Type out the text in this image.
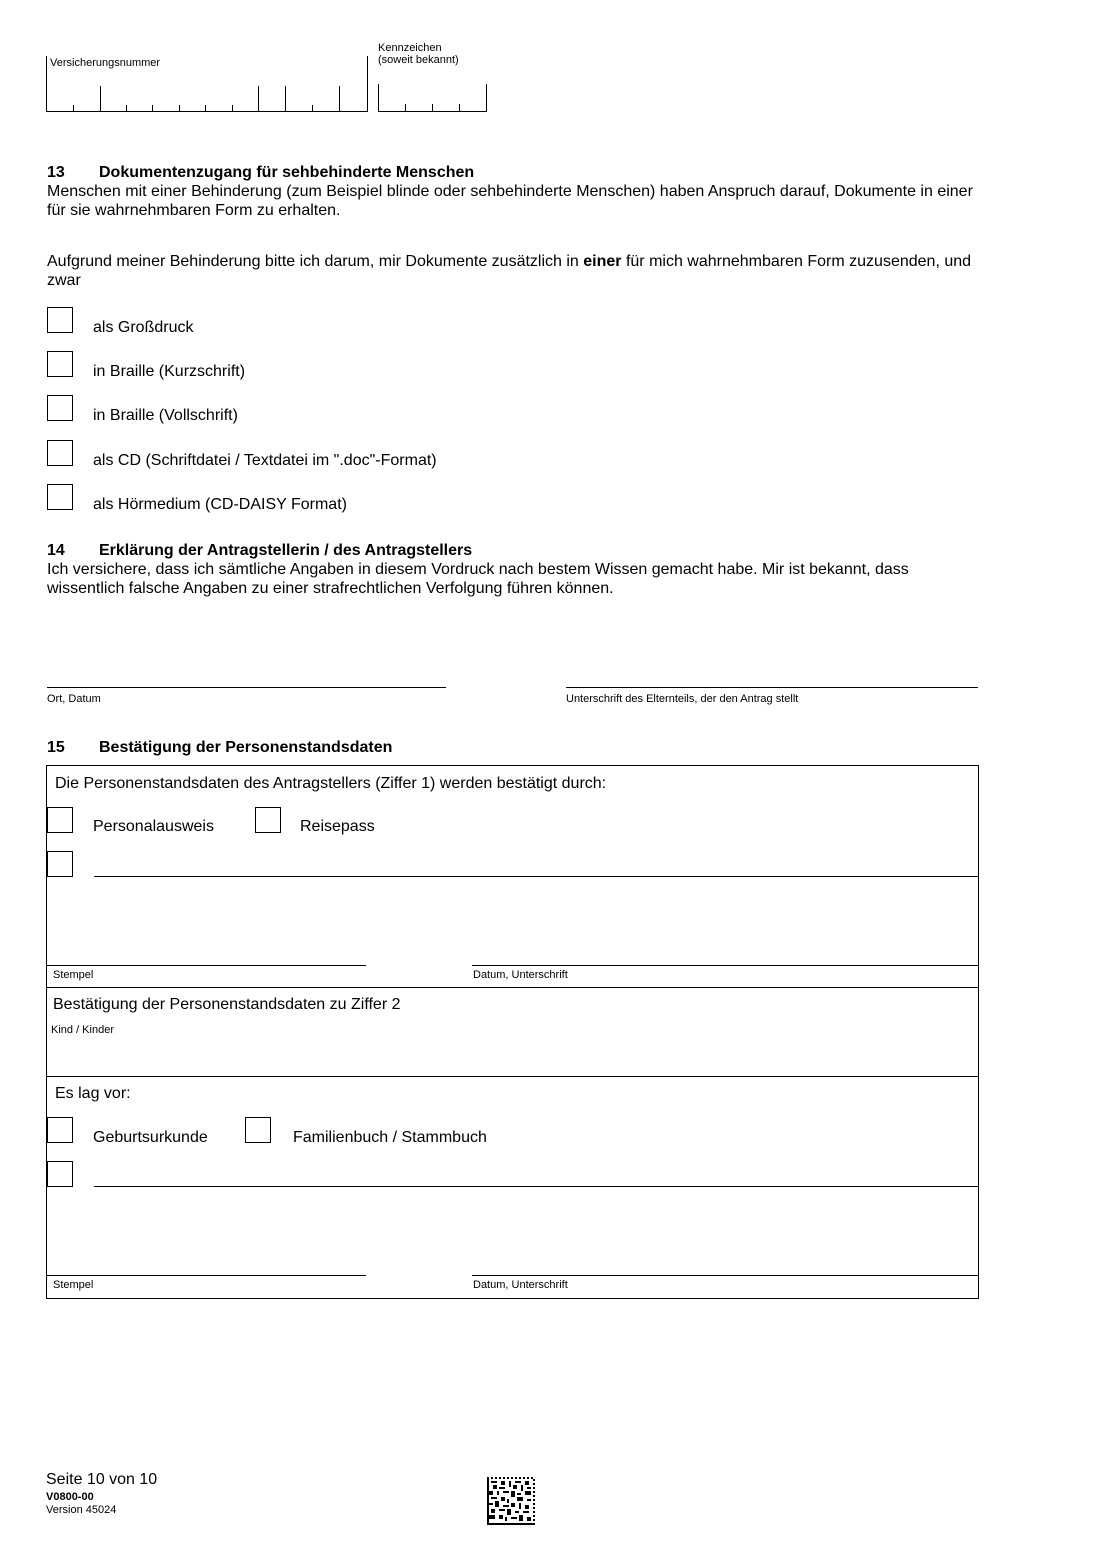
Versicherungsnummer
Kennzeichen
(soweit bekannt)
13 Dokumentenzugang für sehbehinderte Menschen
Menschen mit einer Behinderung (zum Beispiel blinde oder sehbehinderte Menschen) haben Anspruch darauf, Dokumente in einer für sie wahrnehmbaren Form zu erhalten.
Aufgrund meiner Behinderung bitte ich darum, mir Dokumente zusätzlich in einer für mich wahrnehmbaren Form zuzusenden, und zwar
als Großdruck
in Braille (Kurzschrift)
in Braille (Vollschrift)
als CD (Schriftdatei / Textdatei im ".doc"-Format)
als Hörmedium (CD-DAISY Format)
14 Erklärung der Antragstellerin / des Antragstellers
Ich versichere, dass ich sämtliche Angaben in diesem Vordruck nach bestem Wissen gemacht habe. Mir ist bekannt, dass wissentlich falsche Angaben zu einer strafrechtlichen Verfolgung führen können.
Ort, Datum	Unterschrift des Elternteils, der den Antrag stellt
15 Bestätigung der Personenstandsdaten
Die Personenstandsdaten des Antragstellers (Ziffer 1) werden bestätigt durch:
Personalausweis	Reisepass
Stempel	Datum, Unterschrift
Bestätigung der Personenstandsdaten zu Ziffer 2
Kind / Kinder
Es lag vor:
Geburtsurkunde	Familienbuch / Stammbuch
Stempel	Datum, Unterschrift
Seite 10 von 10
V0800-00
Version 45024
